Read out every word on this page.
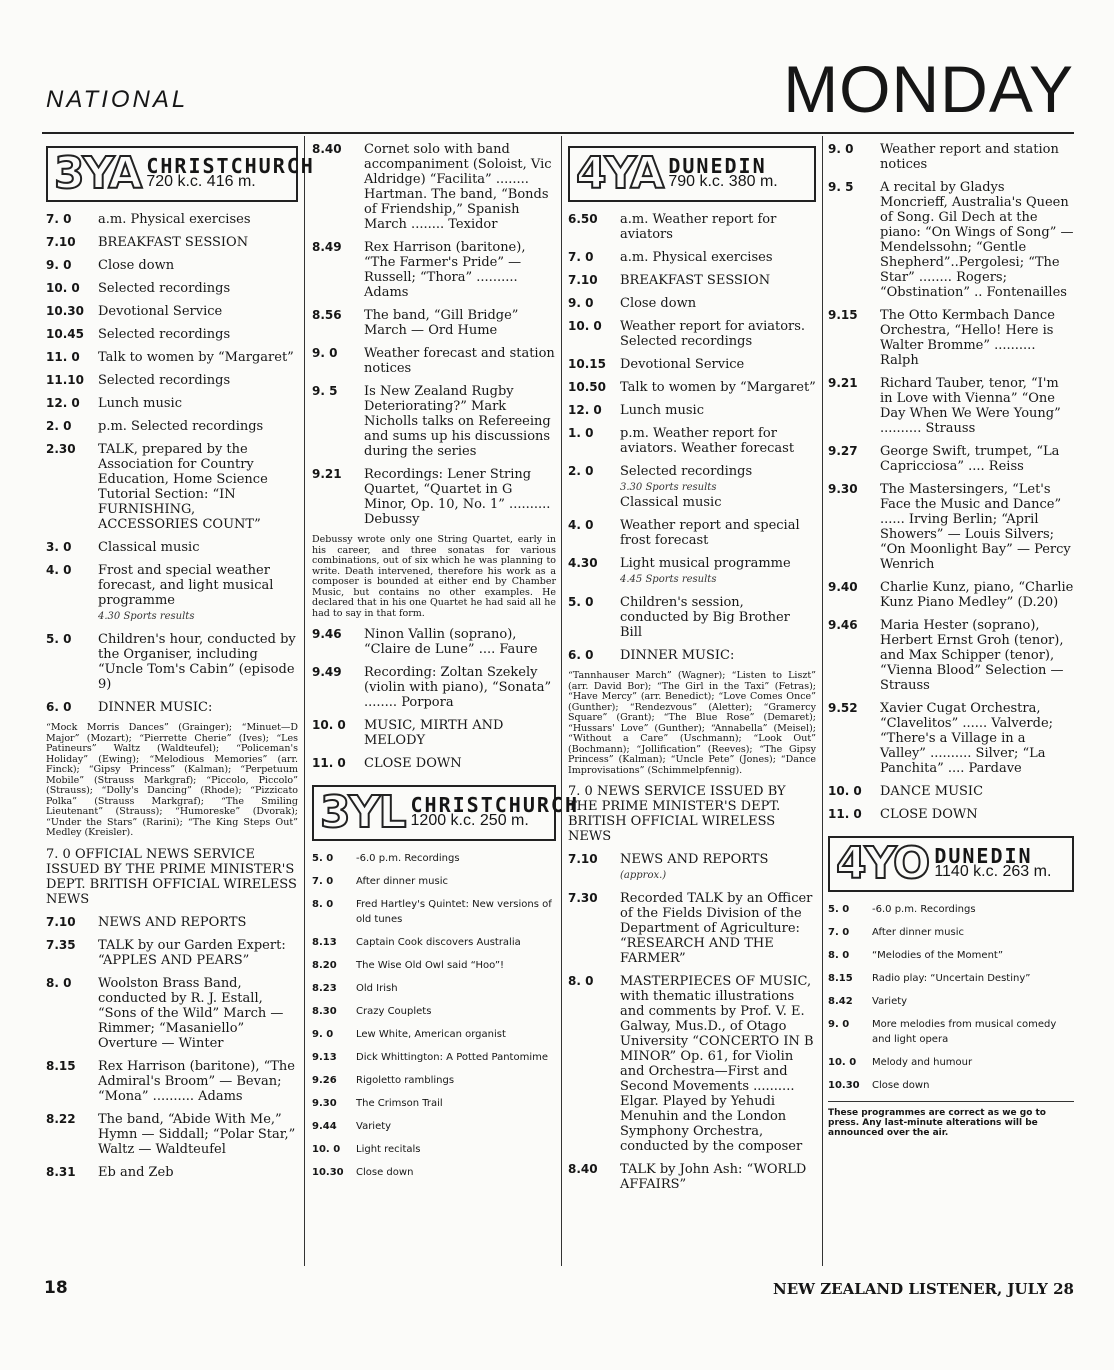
NATIONAL	MONDAY
3YA CHRISTCHURCH
720 k.c. 416 m.
7. 0	a.m. Physical exercises
7.10	BREAKFAST SESSION
9. 0	Close down
10. 0	Selected recordings
10.30	Devotional Service
10.45	Selected recordings
11. 0	Talk to women by “Margaret”
11.10	Selected recordings
12. 0	Lunch music
2. 0	p.m. Selected recordings
2.30	TALK, prepared by the Association for Country Education, Home Science Tutorial Section: “IN FURNISHING, ACCESSORIES COUNT”
3. 0	Classical music
4. 0	Frost and special weather forecast, and light musical programme
4.30 Sports results
5. 0	Children's hour, conducted by the Organiser, including “Uncle Tom's Cabin” (episode 9)
6. 0	DINNER MUSIC:
“Mock Morris Dances” (Grainger); “Minuet—D Major” (Mozart); “Pierrette Cherie” (Ives); “Les Patineurs” Waltz (Waldteufel); “Policeman's Holiday” (Ewing); “Melodious Memories” (arr. Finck); “Gipsy Princess” (Kalman); “Perpetuum Mobile” (Strauss Markgraf); “Piccolo, Piccolo” (Strauss); “Dolly's Dancing” (Rhode); “Pizzicato Polka” (Strauss Markgraf); “The Smiling Lieutenant” (Strauss); “Humoreske” (Dvorak); “Under the Stars” (Rarini); “The King Steps Out” Medley (Kreisler).
7. 0 OFFICIAL NEWS SERVICE ISSUED BY THE PRIME MINISTER'S DEPT. BRITISH OFFICIAL WIRELESS NEWS
7.10	NEWS AND REPORTS
7.35	TALK by our Garden Expert: “APPLES AND PEARS”
8. 0	Woolston Brass Band, conducted by R. J. Estall, “Sons of the Wild” March — Rimmer; “Masaniello” Overture — Winter
8.15	Rex Harrison (baritone), “The Admiral's Broom” — Bevan; “Mona” .......... Adams
8.22	The band, “Abide With Me,” Hymn — Siddall; “Polar Star,” Waltz — Waldteufel
8.31	Eb and Zeb
8.40	Cornet solo with band accompaniment (Soloist, Vic Aldridge) “Facilita” ........ Hartman. The band, “Bonds of Friendship,” Spanish March ........ Texidor
8.49	Rex Harrison (baritone), “The Farmer's Pride” — Russell; “Thora” .......... Adams
8.56	The band, “Gill Bridge” March — Ord Hume
9. 0	Weather forecast and station notices
9. 5	Is New Zealand Rugby Deteriorating?” Mark Nicholls talks on Refereeing and sums up his discussions during the series
9.21	Recordings: Lener String Quartet, “Quartet in G Minor, Op. 10, No. 1” .......... Debussy
Debussy wrote only one String Quartet, early in his career, and three sonatas for various combinations, out of six which he was planning to write. Death intervened, therefore his work as a composer is bounded at either end by Chamber Music, but contains no other examples. He declared that in his one Quartet he had said all he had to say in that form.
9.46	Ninon Vallin (soprano), “Claire de Lune” .... Faure
9.49	Recording: Zoltan Szekely (violin with piano), “Sonata” ........ Porpora
10. 0	MUSIC, MIRTH AND MELODY
11. 0	CLOSE DOWN
3YL CHRISTCHURCH
1200 k.c. 250 m.
5. 0	-6.0 p.m. Recordings
7. 0	After dinner music
8. 0	Fred Hartley's Quintet: New versions of old tunes
8.13	Captain Cook discovers Australia
8.20	The Wise Old Owl said “Hoo”!
8.23	Old Irish
8.30	Crazy Couplets
9. 0	Lew White, American organist
9.13	Dick Whittington: A Potted Pantomime
9.26	Rigoletto ramblings
9.30	The Crimson Trail
9.44	Variety
10. 0	Light recitals
10.30	Close down
4YA DUNEDIN
790 k.c. 380 m.
6.50	a.m. Weather report for aviators
7. 0	a.m. Physical exercises
7.10	BREAKFAST SESSION
9. 0	Close down
10. 0	Weather report for aviators. Selected recordings
10.15	Devotional Service
10.50	Talk to women by “Margaret”
12. 0	Lunch music
1. 0	p.m. Weather report for aviators. Weather forecast
2. 0	Selected recordings
3.30 Sports results
Classical music
4. 0	Weather report and special frost forecast
4.30	Light musical programme
4.45 Sports results
5. 0	Children's session, conducted by Big Brother Bill
6. 0	DINNER MUSIC:
“Tannhauser March” (Wagner); “Listen to Liszt” (arr. David Bor); “The Girl in the Taxi” (Fetras); “Have Mercy” (arr. Benedict); “Love Comes Once” (Gunther); “Rendezvous” (Aletter); “Gramercy Square” (Grant); “The Blue Rose” (Demaret); “Hussars' Love” (Gunther); “Annabella” (Meisel); “Without a Care” (Uschmann); “Look Out” (Bochmann); “Jollification” (Reeves); “The Gipsy Princess” (Kalman); “Uncle Pete” (Jones); “Dance Improvisations” (Schimmelpfennig).
7. 0 NEWS SERVICE ISSUED BY THE PRIME MINISTER'S DEPT. BRITISH OFFICIAL WIRELESS NEWS
7.10	NEWS AND REPORTS
(approx.)
7.30	Recorded TALK by an Officer of the Fields Division of the Department of Agriculture: “RESEARCH AND THE FARMER”
8. 0	MASTERPIECES OF MUSIC, with thematic illustrations and comments by Prof. V. E. Galway, Mus.D., of Otago University “CONCERTO IN B MINOR” Op. 61, for Violin and Orchestra—First and Second Movements .......... Elgar. Played by Yehudi Menuhin and the London Symphony Orchestra, conducted by the composer
8.40	TALK by John Ash: “WORLD AFFAIRS”
9. 0	Weather report and station notices
9. 5	A recital by Gladys Moncrieff, Australia's Queen of Song. Gil Dech at the piano: “On Wings of Song” — Mendelssohn; “Gentle Shepherd”..Pergolesi; “The Star” ........ Rogers; “Obstination” .. Fontenailles
9.15	The Otto Kermbach Dance Orchestra, “Hello! Here is Walter Bromme” .......... Ralph
9.21	Richard Tauber, tenor, “I'm in Love with Vienna” “One Day When We Were Young” .......... Strauss
9.27	George Swift, trumpet, “La Capricciosa” .... Reiss
9.30	The Mastersingers, “Let's Face the Music and Dance” ...... Irving Berlin; “April Showers” — Louis Silvers; “On Moonlight Bay” — Percy Wenrich
9.40	Charlie Kunz, piano, “Charlie Kunz Piano Medley” (D.20)
9.46	Maria Hester (soprano), Herbert Ernst Groh (tenor), and Max Schipper (tenor), “Vienna Blood” Selection — Strauss
9.52	Xavier Cugat Orchestra, “Clavelitos” ...... Valverde; “There's a Village in a Valley” .......... Silver; “La Panchita” .... Pardave
10. 0	DANCE MUSIC
11. 0	CLOSE DOWN
4YO DUNEDIN
1140 k.c. 263 m.
5. 0	-6.0 p.m. Recordings
7. 0	After dinner music
8. 0	“Melodies of the Moment”
8.15	Radio play: “Uncertain Destiny”
8.42	Variety
9. 0	More melodies from musical comedy and light opera
10. 0	Melody and humour
10.30	Close down
These programmes are correct as we go to press. Any last-minute alterations will be announced over the air.
18	NEW ZEALAND LISTENER, JULY 28
